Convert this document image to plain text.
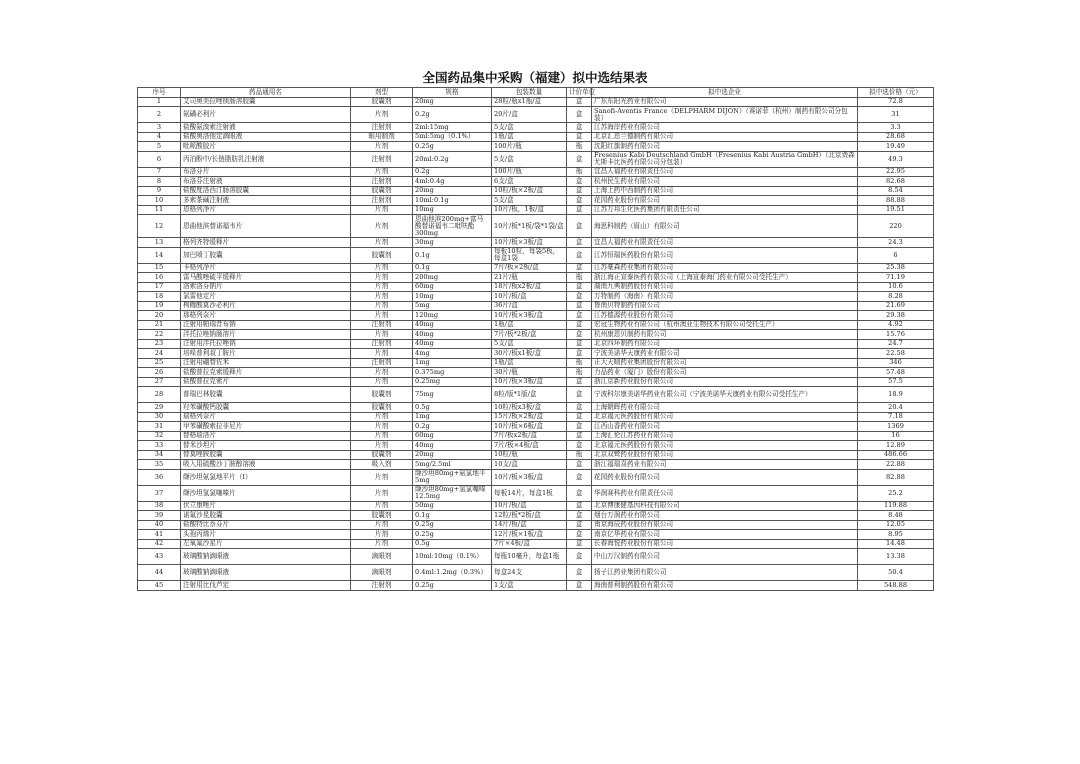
全国药品集中采购（福建）拟中选结果表
序号	药品通用名	剂型	规格	包装数量	计价单位	拟中选企业	拟中选价格（元）
1	艾司奥美拉唑镁肠溶胶囊	胶囊剂	20mg	28粒/瓶x1瓶/盒	盒	广东东阳光药业有限公司	72.8
2	氨磺必利片	片剂	0.2g	20片/盒	盒	Sanofi-Aventis France（DELPHARM DIJON）（赛诺菲（杭州）制药有限公司分包装）	31
3	盐酸氨溴索注射液	注射剂	2ml:15mg	5支/盒	盒	江苏海岸药业有限公司	3.3
4	盐酸奥洛他定滴眼液	眼用制剂	5ml:5mg（0.1%）	1瓶/盒	盒	北京汇恩兰德制药有限公司	28.68
5	吡哌酸胶片	片剂	0.25g	100片/瓶	瓶	沈阳红旗制药有限公司	19.49
6	丙泊酚中/长链脂肪乳注射液	注射剂	20ml:0.2g	5支/盒	盒	Fresenius Kabi Deutschland GmbH（Fresenius Kabi Austria GmbH）（北京费森尤斯卡比医药有限公司分包装）	49.3
7	布洛芬片	片剂	0.2g	100片/瓶	瓶	宜昌人福药业有限责任公司	22.95
8	布洛芬注射液	注射剂	4ml:0.4g	6支/盒	盒	杭州民生药业有限公司	82.68
9	盐酸度洛西汀肠溶胶囊	胶囊剂	20mg	10粒/板×2板/盒	盒	上海上药中西制药有限公司	8.54
10	多索茶碱注射液	注射剂	10ml:0.1g	5支/盒	盒	花园药业股份有限公司	88.88
11	恩格列净片	片剂	10mg	10片/板，1板/盒	盒	江苏万邦生化医药集团有限责任公司	19.51
12	恩曲他滨替诺福韦片	片剂	恩曲他滨200mg+富马酸替诺福韦二吡呋酯300mg	10片/板*1板/袋*1袋/盒	盒	海思科制药（眉山）有限公司	220
13	格列齐特缓释片	片剂	30mg	10片/板×3板/盒	盒	宜昌人福药业有限责任公司	24.3
14	加巴喷丁胶囊	胶囊剂	0.1g	每板10粒，每袋5板，每盒1袋	盒	江苏恒瑞医药股份有限公司	6
15	卡格列净片	片剂	0.1g	7片/板×2板/盒	盒	江苏豪森药业集团有限公司	25.38
16	雷马酸唑硫平缓释片	片剂	200mg	21片/瓶	瓶	浙江海正宣泰医药有限公司（上海宣泰海门药业有限公司受托生产）	71.19
17	洛索洛芬钠片	片剂	60mg	18片/板x2板/盒	盒	湖南九典制药股份有限公司	10.6
18	氯雷他定片	片剂	10mg	10片/板/盒	盒	万特制药（海南）有限公司	8.28
19	枸橼酸莫沙必利片	片剂	5mg	36片/盒	盒	鲁南贝特制药有限公司	21.69
20	那格列奈片	片剂	120mg	10片/板×3板/盒	盒	江苏德源药业股份有限公司	29.38
21	注射用帕瑞昔布钠	注射剂	40mg	1瓶/盒	盒	宏冠生物药业有限公司（杭州澳亚生物技术有限公司受托生产）	4.92
22	泮托拉唑钠肠溶片	片剂	40mg	7片/板*2板/盒	盒	杭州康恩贝制药有限公司	15.76
23	注射用泮托拉唑钠	注射剂	40mg	5支/盒	盒	北京四环制药有限公司	24.7
24	培哚普利叔丁胺片	片剂	4mg	30片/板x1板/盒	盒	宁波美诺华天康药业有限公司	22.58
25	注射用硼替佐米	注射剂	1mg	1瓶/盒	瓶	正大天晴药业集团股份有限公司	346
26	盐酸普拉克索缓释片	片剂	0.375mg	30片/瓶	瓶	力品药业（厦门）股份有限公司	57.48
27	盐酸普拉克索片	片剂	0.25mg	10片/板×3板/盒	盒	浙江京新药业股份有限公司	57.5
28	普瑞巴林胶囊	胶囊剂	75mg	8粒/版*1版/盒	盒	宁波科尔康美诺华药业有限公司（宁波美诺华天康药业有限公司受托生产）	18.9
29	羟苯磺酸钙胶囊	胶囊剂	0.5g	10粒/板x3板/盒	盒	上海朝晖药业有限公司	20.4
30	瑞格列奈片	片剂	1mg	15片/板×2板/盒	盒	北京福元医药股份有限公司	7.18
31	甲苯磺酸索拉非尼片	片剂	0.2g	10片/板×6板/盒	盒	江西山香药业有限公司	1369
32	替格瑞洛片	片剂	60mg	7片/板x2板/盒	盒	上海汇伦江苏药业有限公司	16
33	替米沙坦片	片剂	40mg	7片/板×4板/盒	盒	北京福元医药股份有限公司	12.89
34	替莫唑胺胶囊	胶囊剂	20mg	10粒/瓶	瓶	北京双鹭药业股份有限公司	486.66
35	吸入用硫酸沙丁胺醇溶液	吸入剂	5mg/2.5ml	10支/盒	盒	浙江福瑞喜药业有限公司	22.88
36	缬沙坦氨氯地平片（Ⅰ）	片剂	缬沙坦80mg+氨氯地平5mg	10片/板×3板/盒	盒	花园药业股份有限公司	82.88
37	缬沙坦氢氯噻嗪片	片剂	缬沙坦80mg+氢氯噻嗪12.5mg	每板14片，每盒1板	盒	华润赛科药业有限责任公司	25.2
38	伏立康唑片	片剂	50mg	10片/板/盒	盒	北京博康健基因科技有限公司	119.88
39	诺氟沙星胶囊	胶囊剂	0.1g	12粒/板*2板/盒	盒	烟台万润药业有限公司	8.48
40	盐酸特比萘芬片	片剂	0.25g	14片/板/盒	盒	南京海辰药业股份有限公司	12.05
41	头孢丙烯片	片剂	0.25g	12片/板×1板/盒	盒	南京亿华药业有限公司	8.95
42	左氧氟沙星片	片剂	0.5g	7片×4板/盒	盒	长春海悦药业股份有限公司	14.48
43	玻璃酸钠滴眼液	滴眼剂	10ml:10mg（0.1%）	每瓶10毫升，每盒1瓶	盒	中山万汉制药有限公司	13.38
44	玻璃酸钠滴眼液	滴眼剂	0.4ml:1.2mg（0.3%）	每盒24支	盒	扬子江药业集团有限公司	50.4
45	注射用比伐芦定	注射剂	0.25g	1支/盒	盒	海南普利制药股份有限公司	548.88
